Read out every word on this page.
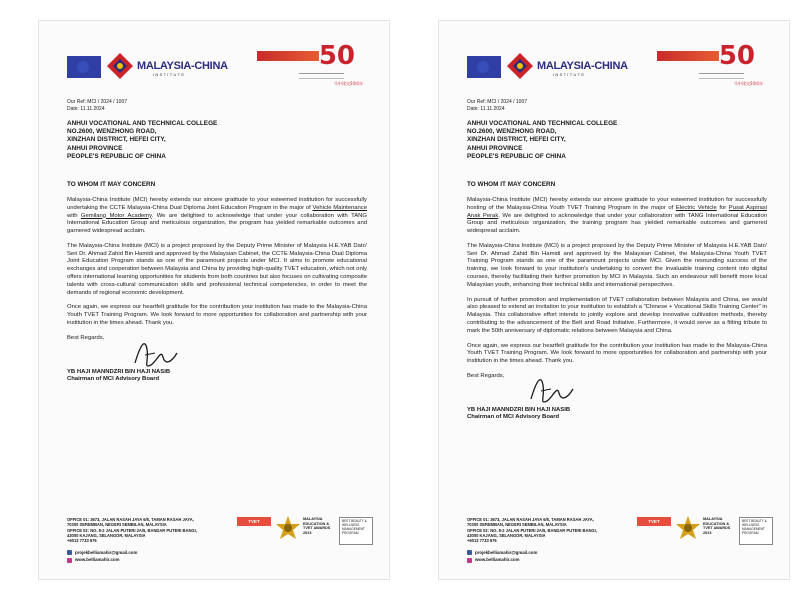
MALAYSIA-CHINA
INSTITUTE
50
马中建交50周年
Our Ref: MCI / 2024 / 1007
Date: 11.11.2024
ANHUI VOCATIONAL AND TECHNICAL COLLEGE
NO.2600, WENZHONG ROAD,
XINZHAN DISTRICT, HEFEI CITY,
ANHUI PROVINCE
PEOPLE'S REPUBLIC OF CHINA
TO WHOM IT MAY CONCERN

Malaysia-China Institute (MCI) hereby extends our sincere gratitude to your esteemed institution for successfully undertaking the CCTE Malaysia-China Dual Diploma Joint Education Program in the major of Vehicle Maintenance with Gemilang Motor Academy. We are delighted to acknowledge that under your collaboration with TANG International Education Group and meticulous organization, the program has yielded remarkable outcomes and garnered widespread acclaim.

The Malaysia-China Institute (MCI) is a project proposed by the Deputy Prime Minister of Malaysia H.E.YAB Dato' Seri Dr. Ahmad Zahid Bin Hamidi and approved by the Malaysian Cabinet, the CCTE Malaysia-China Dual Diploma Joint Education Program stands as one of the paramount projects under MCI. It aims to promote educational exchanges and cooperation between Malaysia and China by providing high-quality TVET education, which not only offers international learning opportunities for students from both countries but also focuses on cultivating composite talents with cross-cultural communication skills and professional technical competencies, in order to meet the demands of regional economic development.

Once again, we express our heartfelt gratitude for the contribution your institution has made to the Malaysia-China Youth TVET Training Program. We look forward to more opportunities for collaboration and partnership with your institution in the times ahead. Thank you.

Best Regards,

YB HAJI MANNDZRI BIN HAJI NASIB
Chairman of MCI Advisory Board
OFFICE 01: 3673, JALAN RASAH JAYA 6/5, TAMAN RASAH JAYA,
70300 SEREMBAN, NEGERI SEMBILAN, MALAYSIA
OFFICE 02: NO. 8-2 JALAN PUTERI 2A/5, BANDAR PUTERI BANGI,
43000 KAJANG, SELANGOR, MALAYSIA
+6013 7733 676
projekbelliamahir@gmail.com
www.belliamahir.com
TVET	MALAYSIA EDUCATION & TVET AWARDS 2023
BEST BEAUTY & WELLNESS MANAGEMENT PROGRAM
MALAYSIA-CHINA
INSTITUTE
50
马中建交50周年
Our Ref: MCI / 2024 / 1007
Date: 11.11.2024
ANHUI VOCATIONAL AND TECHNICAL COLLEGE
NO.2600, WENZHONG ROAD,
XINZHAN DISTRICT, HEFEI CITY,
ANHUI PROVINCE
PEOPLE'S REPUBLIC OF CHINA
TO WHOM IT MAY CONCERN

Malaysia-China Institute (MCI) hereby extends our sincere gratitude to your esteemed institution for successfully hosting of the Malaysia-China Youth TVET Training Program in the major of Electric Vehicle for Pusat Aspirasi Anak Perak. We are delighted to acknowledge that under your collaboration with TANG International Education Group and meticulous organization, the training program has yielded remarkable outcomes and garnered widespread acclaim.

The Malaysia-China Institute (MCI) is a project proposed by the Deputy Prime Minister of Malaysia H.E.YAB Dato' Seri Dr. Ahmad Zahid Bin Hamidi and approved by the Malaysian Cabinet, the Malaysia-China Youth TVET Training Program stands as one of the paramount projects under MCI. Given the resounding success of the training, we look forward to your institution's undertaking to convert the invaluable training content into digital courses, thereby facilitating their further promotion by MCI in Malaysia. Such an endeavour will benefit more local Malaysian youth, enhancing their technical skills and international perspectives.

In pursuit of further promotion and implementation of TVET collaboration between Malaysia and China, we would also pleased to extend an invitation to your institution to establish a "Chinese + Vocational Skills Training Center" in Malaysia. This collaborative effort intends to jointly explore and develop innovative cultivation methods, thereby contributing to the advancement of the Belt and Road Initiative. Furthermore, it would serve as a fitting tribute to mark the 50th anniversary of diplomatic relations between Malaysia and China.

Once again, we express our heartfelt gratitude for the contribution your institution has made to the Malaysia-China Youth TVET Training Program. We look forward to more opportunities for collaboration and partnership with your institution in the times ahead. Thank you.

Best Regards,

YB HAJI MANNDZRI BIN HAJI NASIB
Chairman of MCI Advisory Board
OFFICE 01: 3673, JALAN RASAH JAYA 6/5, TAMAN RASAH JAYA,
70300 SEREMBAN, NEGERI SEMBILAN, MALAYSIA
OFFICE 02: NO. 8-2 JALAN PUTERI 2A/5, BANDAR PUTERI BANGI,
43000 KAJANG, SELANGOR, MALAYSIA
+6013 7733 676
projekbelliamahir@gmail.com
www.belliamahir.com
TVET	MALAYSIA EDUCATION & TVET AWARDS 2023
BEST BEAUTY & WELLNESS MANAGEMENT PROGRAM
